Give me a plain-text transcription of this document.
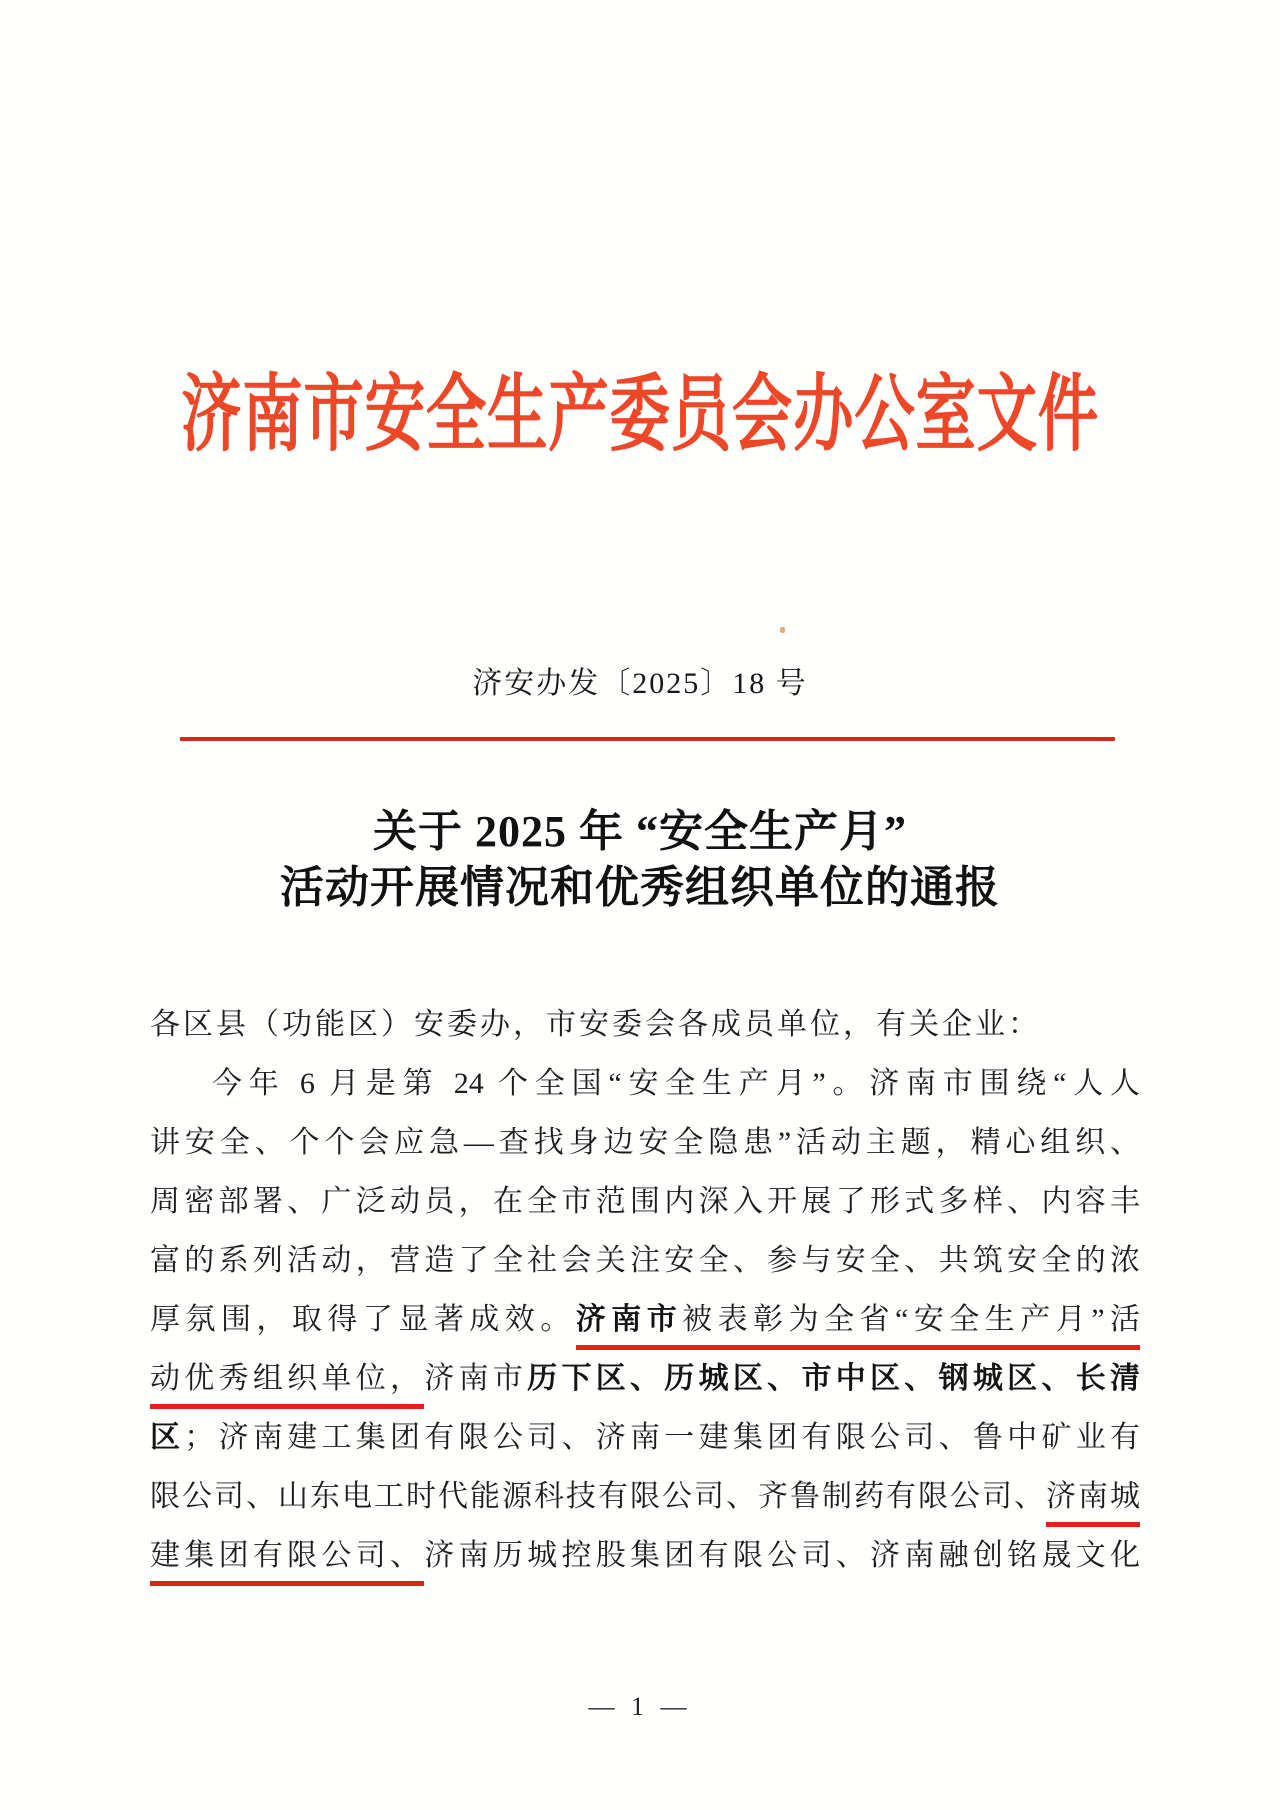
济南市安全生产委员会办公室文件
济安办发〔2025〕18 号
关于 2025 年 “安全生产月”
活动开展情况和优秀组织单位的通报
各区县（功能区）安委办，市安委会各成员单位，有关企业：
今年 6 月是第 24 个全国“安全生产月”。济南市围绕“人人
讲安全、个个会应急—查找身边安全隐患”活动主题，精心组织、
周密部署、广泛动员，在全市范围内深入开展了形式多样、内容丰
富的系列活动，营造了全社会关注安全、参与安全、共筑安全的浓
厚氛围，取得了显著成效。济南市被表彰为全省“安全生产月”活
动优秀组织单位，济南市历下区、历城区、市中区、钢城区、长清
区；济南建工集团有限公司、济南一建集团有限公司、鲁中矿业有
限公司、山东电工时代能源科技有限公司、齐鲁制药有限公司、济南城
建集团有限公司、济南历城控股集团有限公司、济南融创铭晟文化
— 1 —
